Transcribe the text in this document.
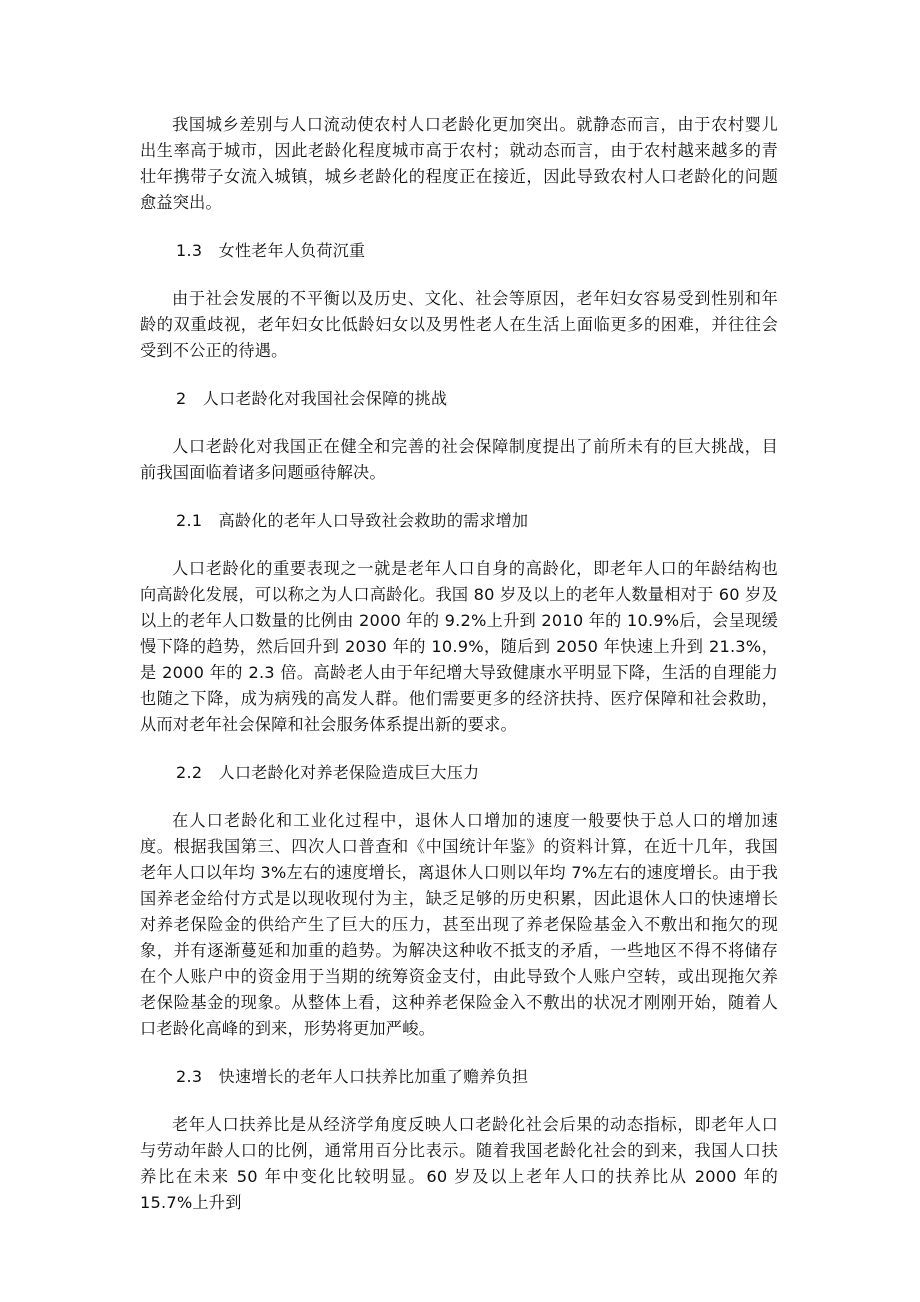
我国城乡差别与人口流动使农村人口老龄化更加突出。就静态而言，由于农村婴儿出生率高于城市，因此老龄化程度城市高于农村；就动态而言，由于农村越来越多的青壮年携带子女流入城镇，城乡老龄化的程度正在接近，因此导致农村人口老龄化的问题愈益突出。

1.3　女性老年人负荷沉重

由于社会发展的不平衡以及历史、文化、社会等原因，老年妇女容易受到性别和年龄的双重歧视，老年妇女比低龄妇女以及男性老人在生活上面临更多的困难，并往往会受到不公正的待遇。

2　人口老龄化对我国社会保障的挑战

人口老龄化对我国正在健全和完善的社会保障制度提出了前所未有的巨大挑战，目前我国面临着诸多问题亟待解决。

2.1　高龄化的老年人口导致社会救助的需求增加

人口老龄化的重要表现之一就是老年人口自身的高龄化，即老年人口的年龄结构也向高龄化发展，可以称之为人口高龄化。我国 80 岁及以上的老年人数量相对于 60 岁及以上的老年人口数量的比例由 2000 年的 9.2%上升到 2010 年的 10.9%后，会呈现缓慢下降的趋势，然后回升到 2030 年的 10.9%，随后到 2050 年快速上升到 21.3%，是 2000 年的 2.3 倍。高龄老人由于年纪增大导致健康水平明显下降，生活的自理能力也随之下降，成为病残的高发人群。他们需要更多的经济扶持、医疗保障和社会救助，从而对老年社会保障和社会服务体系提出新的要求。

2.2　人口老龄化对养老保险造成巨大压力

在人口老龄化和工业化过程中，退休人口增加的速度一般要快于总人口的增加速度。根据我国第三、四次人口普查和《中国统计年鉴》的资料计算，在近十几年，我国老年人口以年均 3%左右的速度增长，离退休人口则以年均 7%左右的速度增长。由于我国养老金给付方式是以现收现付为主，缺乏足够的历史积累，因此退休人口的快速增长对养老保险金的供给产生了巨大的压力，甚至出现了养老保险基金入不敷出和拖欠的现象，并有逐渐蔓延和加重的趋势。为解决这种收不抵支的矛盾，一些地区不得不将储存在个人账户中的资金用于当期的统筹资金支付，由此导致个人账户空转，或出现拖欠养老保险基金的现象。从整体上看，这种养老保险金入不敷出的状况才刚刚开始，随着人口老龄化高峰的到来，形势将更加严峻。

2.3　快速增长的老年人口扶养比加重了赡养负担

老年人口扶养比是从经济学角度反映人口老龄化社会后果的动态指标，即老年人口与劳动年龄人口的比例，通常用百分比表示。随着我国老龄化社会的到来，我国人口扶养比在未来 50 年中变化比较明显。60 岁及以上老年人口的扶养比从 2000 年的 15.7%上升到
